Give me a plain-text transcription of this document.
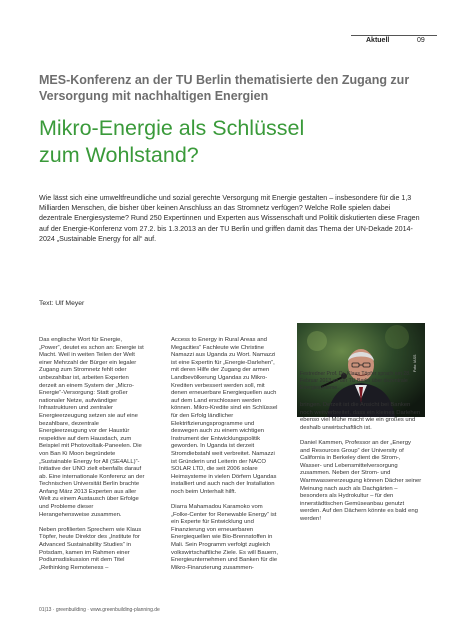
Aktuell	09
MES-Konferenz an der TU Berlin thematisierte den Zugang zur Versorgung mit nachhaltigen Energien
Mikro-Energie als Schlüssel
zum Wohlstand?
Wie lässt sich eine umweltfreundliche und sozial gerechte Versorgung mit Energie gestalten – insbesondere für die 1,3 Milliarden Menschen, die bisher über keinen Anschluss an das Stromnetz verfügen? Welche Rolle spielen dabei dezentrale Energiesysteme? Rund 250 Expertinnen und Experten aus Wissenschaft und Politik diskutierten diese Fragen auf der Energie-Konferenz vom 27.2. bis 1.3.2013 an der TU Berlin und griffen damit das Thema der UN-Dekade 2014-2024 „Sustainable Energy for all“ auf.
Text: Ulf Meyer

Das englische Wort für Energie, „Power“, deutet es schon an: Energie ist Macht. Weil in weiten Teilen der Welt einer Mehrzahl der Bürger ein legaler Zugang zum Stromnetz fehlt oder unbezahlbar ist, arbeiten Experten derzeit an einem System der „Micro-Energie“-Versorgung: Statt großer nationaler Netze, aufwändiger Infrastrukturen und zentraler Energieerzeugung setzen sie auf eine bezahlbare, dezentrale Energieerzeugung vor der Haustür respektive auf dem Hausdach, zum Beispiel mit Photovoltaik-Paneelen. Die von Ban Ki Moon begründete „Sustainable Energy for All (SE4ALL)“-Initiative der UNO zielt ebenfalls darauf ab. Eine internationale Konferenz an der Technischen Universität Berlin brachte Anfang März 2013 Experten aus aller Welt zu einem Austausch über Erfolge und Probleme dieser Herangehensweise zusammen.

Neben profilierten Sprechern wie Klaus Töpfer, heute Direktor des „Institute for Advanced Sustainability Studies“ in Potsdam, kamen im Rahmen einer Podiumsdiskussion mit dem Titel „Rethinking Remoteness –

Access to Energy in Rural Areas and Megacities“ Fachleute wie Christine Namazzi aus Uganda zu Wort. Namazzi ist eine Expertin für „Energie-Darlehen“, mit deren Hilfe der Zugang der armen Landbevölkerung Ugandas zu Mikro-Krediten verbessert werden soll, mit denen erneuerbare Energiequellen auch auf dem Land erschlossen werden können. Mikro-Kredite sind ein Schlüssel für den Erfolg ländlicher Elektrifizierungsprogramme und deswegen auch zu einem wichtigen Instrument der Entwicklungspolitik geworden. In Uganda ist derzeit Stromdiebstahl weit verbreitet. Namazzi ist Gründerin und Leiterin der NACO SOLAR LTD, die seit 2006 solare Heimsysteme in vielen Dörfern Ugandas installiert und auch nach der Installation noch beim Unterhalt hilft.

Diarra Mahamadou Karamoko vom „Folke-Center for Renewable Energy“ ist ein Experte für Entwicklung und Finanzierung von erneuerbaren Energiequellen wie Bio-Brennstoffen in Mali. Sein Programm verfolgt zugleich volkswirtschaftliche Ziele. Es will Bauern, Energieunternehmen und Banken für die Mikro-Finanzierung zusammen-

Foto: IASS
Festredner Prof. Dr. Klaus Töpfer sprach am 28. Februar 2013 an der TU Berlin über dezentrale Energiesysteme.

bringen. Derzeit ist die Ansicht bei Banken noch weitverbreitet, dass ein kleines Darlehen ebenso viel Mühe macht wie ein großes und deshalb unwirtschaftlich ist.

Daniel Kammen, Professor an der „Energy and Resources Group“ der University of California in Berkeley dient die Strom-, Wasser- und Lebensmittelversorgung zusammen. Neben der Strom- und Warmwassererzeugung können Dächer seiner Meinung nach auch als Dachgärten – besonders als Hydrokultur – für den innerstädtischen Gemüseanbau genutzt werden. Auf den Dächern könnte es bald eng werden!

01|13 · greenbuilding · www.greenbuilding-planning.de
